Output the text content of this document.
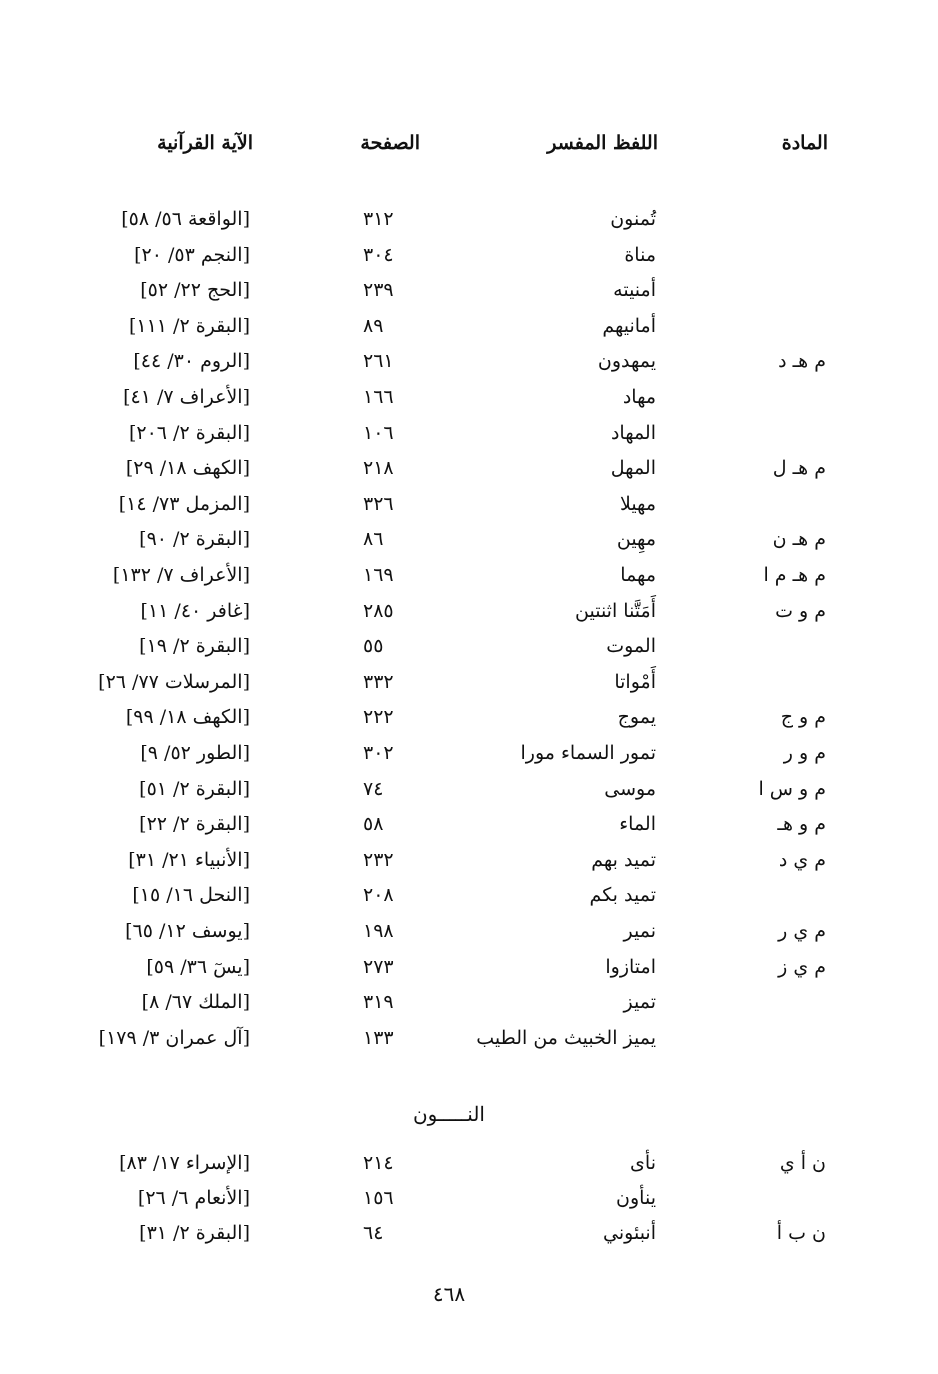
المادة
اللفظ المفسر
الصفحة
الآية القرآنية
تُمنون
٣١٢
[الواقعة ٥٦/ ٥٨]
مناة
٣٠٤
[النجم ٥٣/ ٢٠]
أمنيته
٢٣٩
[الحج ٢٢/ ٥٢]
أمانيهم
٨٩
[البقرة ٢/ ١١١]
م هـ د
يمهدون
٢٦١
[الروم ٣٠/ ٤٤]
مهاد
١٦٦
[الأعراف ٧/ ٤١]
المهاد
١٠٦
[البقرة ٢/ ٢٠٦]
م هـ ل
المهل
٢١٨
[الكهف ١٨/ ٢٩]
مهيلا
٣٢٦
[المزمل ٧٣/ ١٤]
م هـ ن
مهِين
٨٦
[البقرة ٢/ ٩٠]
م هـ م ا
مهما
١٦٩
[الأعراف ٧/ ١٣٢]
م و ت
أَمَتَّنا اثنتين
٢٨٥
[غافر ٤٠/ ١١]
الموت
٥٥
[البقرة ٢/ ١٩]
أَمْواتا
٣٣٢
[المرسلات ٧٧/ ٢٦]
م و ج
يموج
٢٢٢
[الكهف ١٨/ ٩٩]
م و ر
تمور السماء مورا
٣٠٢
[الطور ٥٢/ ٩]
م و س ا
موسى
٧٤
[البقرة ٢/ ٥١]
م و هـ
الماء
٥٨
[البقرة ٢/ ٢٢]
م ي د
تميد بهم
٢٣٢
[الأنبياء ٢١/ ٣١]
تميد بكم
٢٠٨
[النحل ١٦/ ١٥]
م ي ر
نمير
١٩٨
[يوسف ١٢/ ٦٥]
م ي ز
امتازوا
٢٧٣
[يسٓ ٣٦/ ٥٩]
تميز
٣١٩
[الملك ٦٧/ ٨]
يميز الخبيث من الطيب
١٣٣
[آل عمران ٣/ ١٧٩]
النـــــون
ن أ ي
نأى
٢١٤
[الإسراء ١٧/ ٨٣]
ينأون
١٥٦
[الأنعام ٦/ ٢٦]
ن ب أ
أنبئوني
٦٤
[البقرة ٢/ ٣١]
٤٦٨
